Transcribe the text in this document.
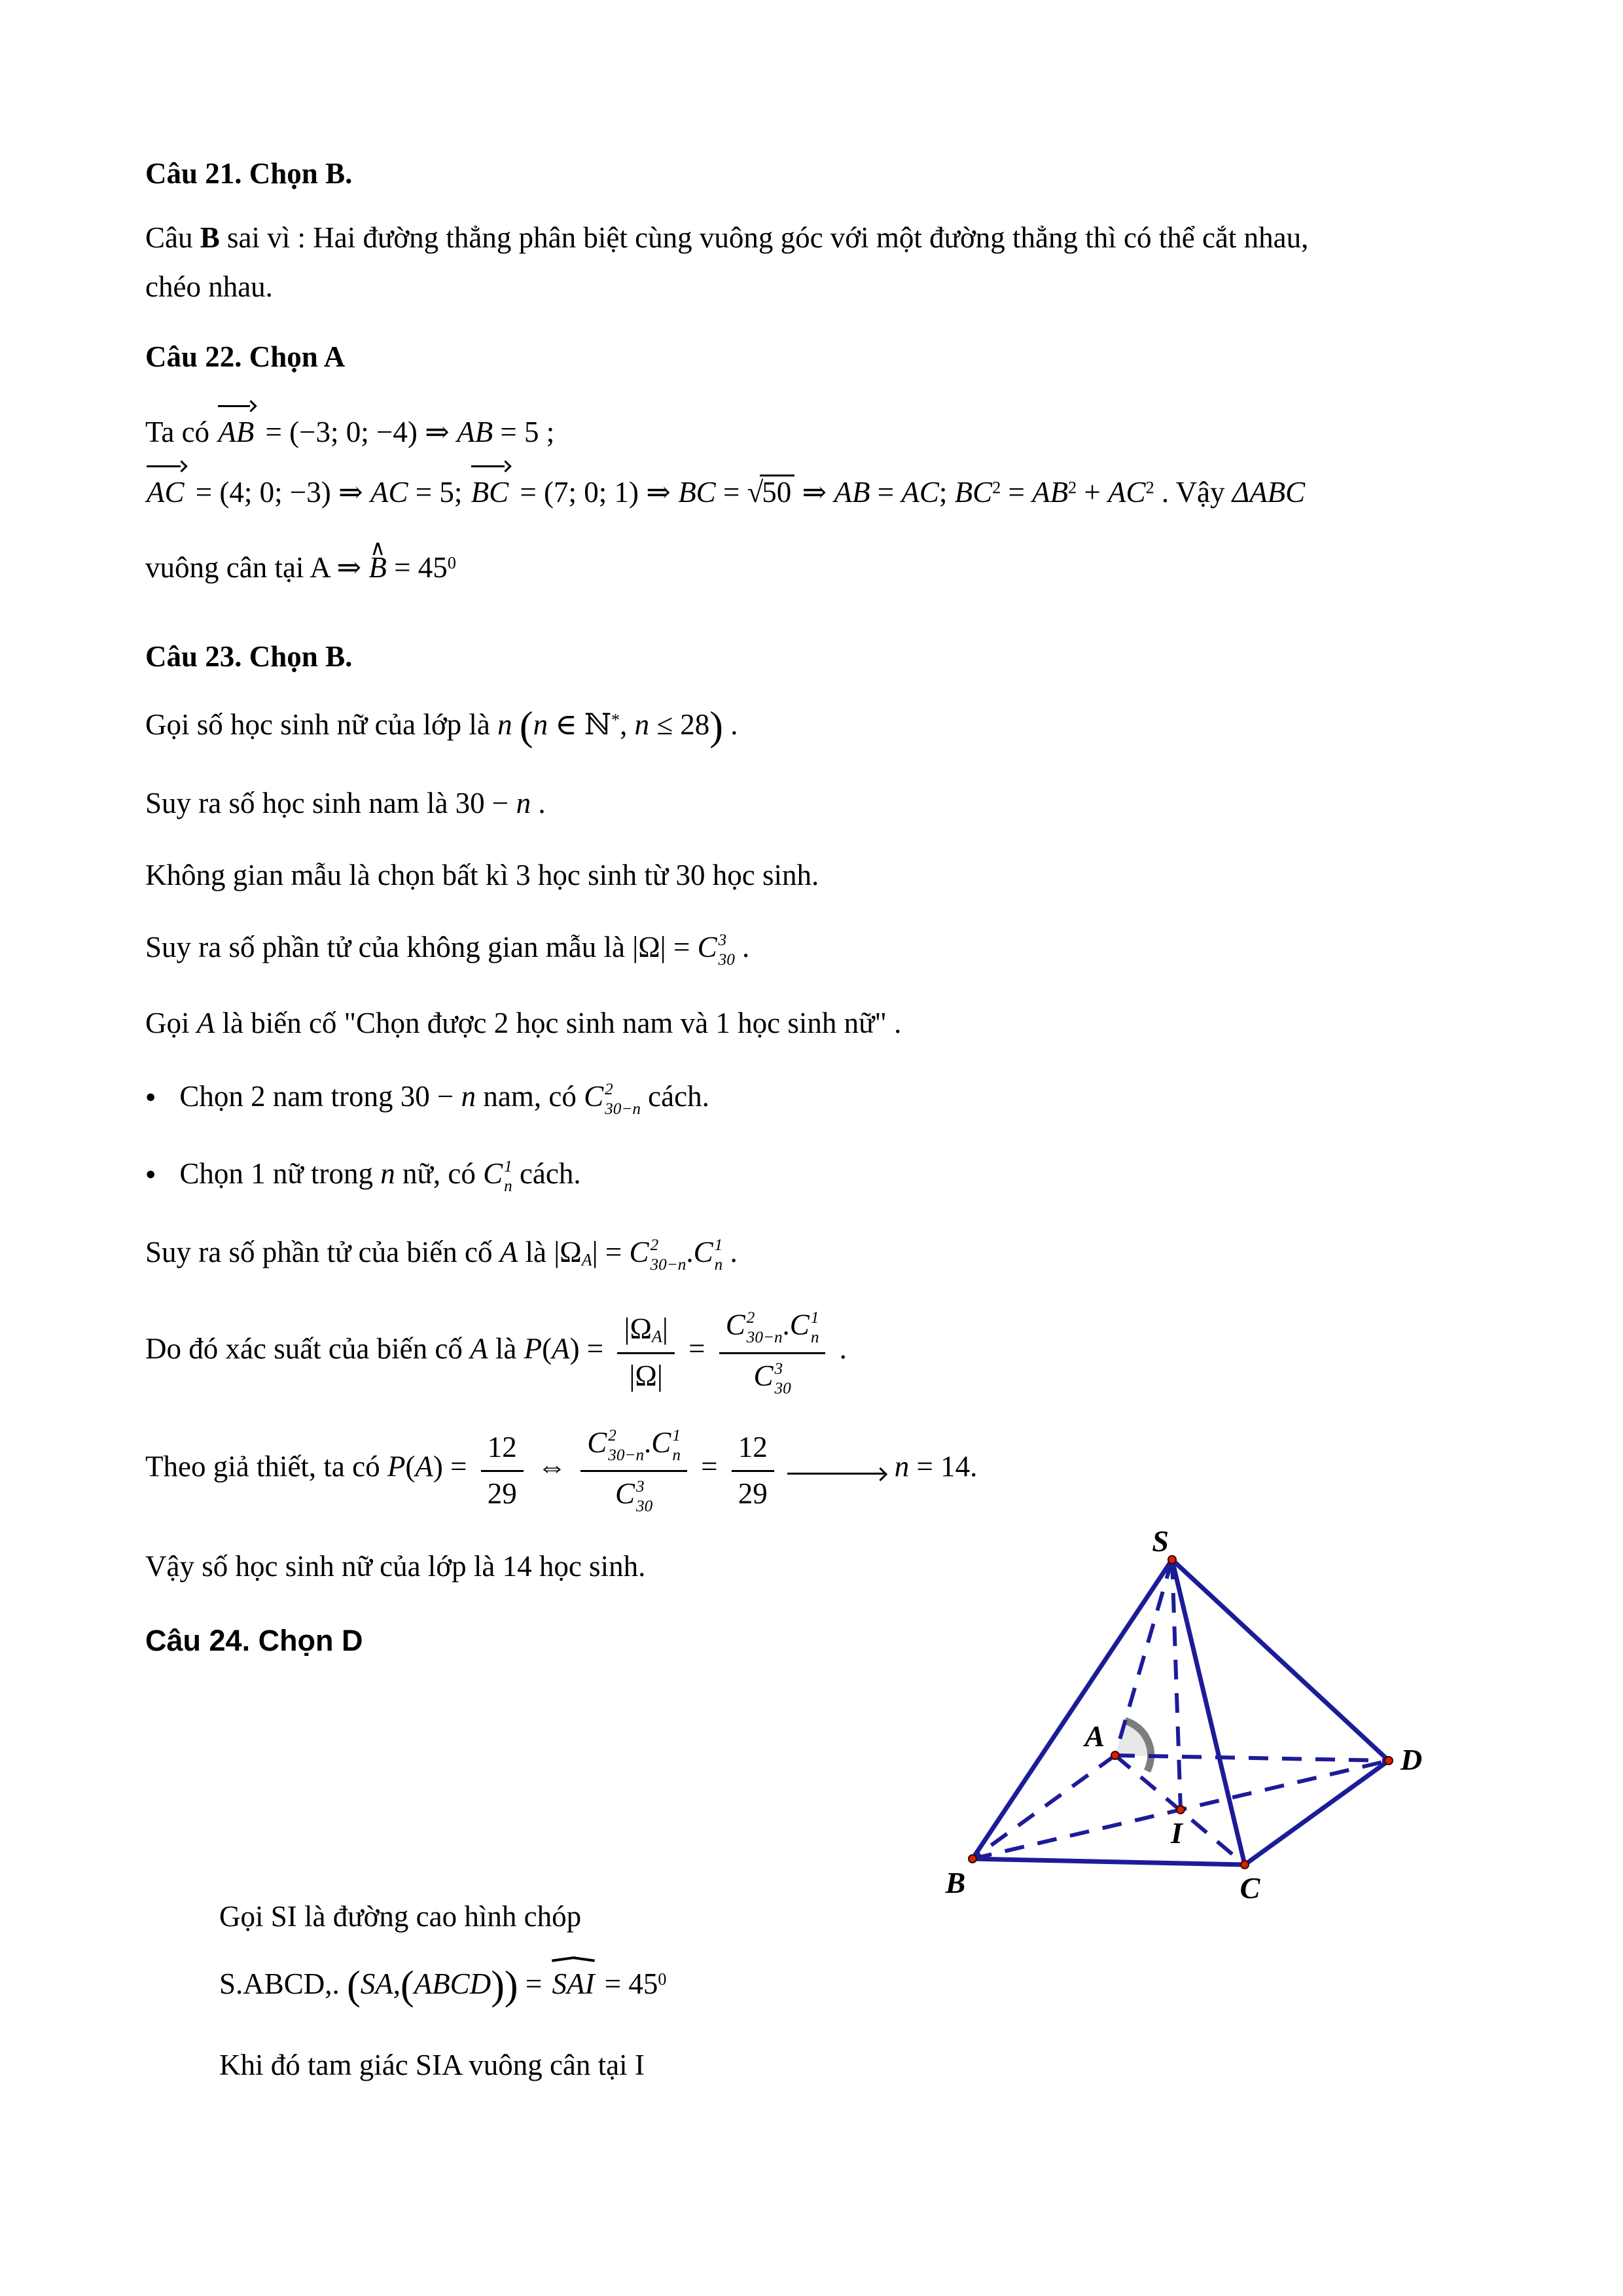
Câu 21. Chọn B.
Câu B sai vì : Hai đường thẳng phân biệt cùng vuông góc với một đường thẳng thì có thể cắt nhau,
chéo nhau.
Câu 22. Chọn A
Ta có AB = (−3; 0; −4) ⇒ AB = 5 ;
AC = (4; 0; −3) ⇒ AC = 5; BC = (7; 0; 1) ⇒ BC = √50 ⇒ AB = AC; $BC^2 = AB^2 + AC^2$ . Vậy ΔABC
vuông cân tại A ⇒ ∧ $B = 45^0$
Câu 23. Chọn B.
Gọi số học sinh nữ của lớp là n (n ∈ ℕ*, n ≤ 28) .
Suy ra số học sinh nam là 30 − n .
Không gian mẫu là chọn bất kì 3 học sinh từ 30 học sinh.
Suy ra số phần tử của không gian mẫu là |Ω| = C 3
30 .
Gọi A là biến cố "Chọn được 2 học sinh nam và 1 học sinh nữ" .
● Chọn 2 nam trong 30 − n nam, có C 2
30−n cách.
● Chọn 1 nữ trong n nữ, có C 1
n cách.
Suy ra số phần tử của biến cố A là |ΩA| = C 2
30−n .C 1
n .
Do đó xác suất của biến cố A là $P(A) = \frac{|\Omega A|}{|\Omega|} = C$ 2
30−n .C 1
n
C 3
30 .
Theo giả thiết, ta có $P(A) = \frac{12}{29}$ ⇔ C 2
30−n .C 1
n
C 3
$30 = \frac{12}{29}$	n = 14.
Vậy số học sinh nữ của lớp là 14 học sinh.
Câu 24. Chọn D
S
A
B	C
D
I
Gọi SI là đường cao hình chóp
S.ABCD,. (SA,(ABCD)) = SAI = $45^0$
Khi đó tam giác SIA vuông cân tại I
